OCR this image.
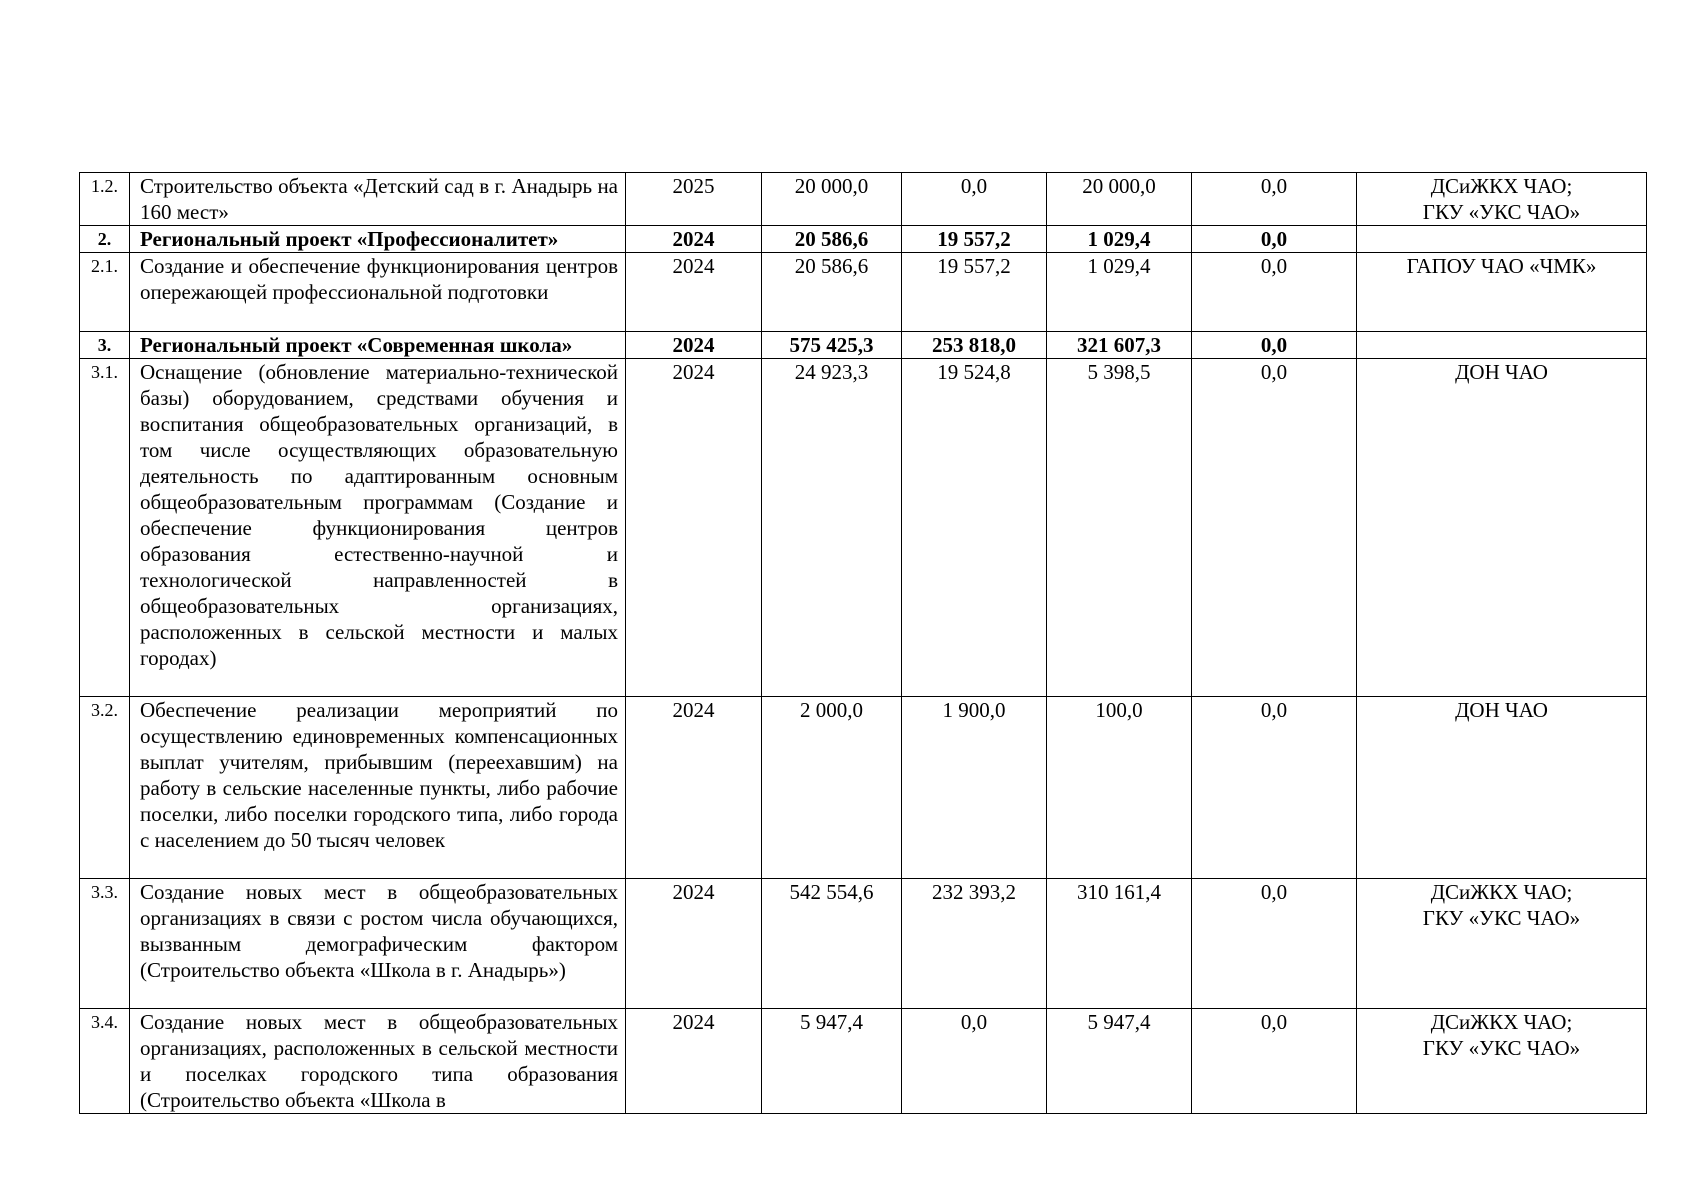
1.2.	Строительство объекта «Детский сад в г. Анадырь на 160 мест»	2025	20 000,0	0,0	20 000,0	0,0	ДСиЖКХ ЧАО;
ГКУ «УКС ЧАО»

2.	Региональный проект «Профессионалитет»	2024	20 586,6	19 557,2	1 029,4	0,0	

2.1.	Создание и обеспечение функционирования центров опережающей профессиональной подготовки	2024	20 586,6	19 557,2	1 029,4	0,0	ГАПОУ ЧАО «ЧМК»

3.	Региональный проект «Современная школа»	2024	575 425,3	253 818,0	321 607,3	0,0	

3.1.	Оснащение (обновление материально-технической базы) оборудованием, средствами обучения и воспитания общеобразовательных организаций, в том числе осуществляющих образовательную деятельность по адаптированным основным общеобразовательным программам (Создание и обеспечение функционирования центров образования естественно-научной и технологической направленностей в общеобразовательных организациях, расположенных в сельской местности и малых городах)	2024	24 923,3	19 524,8	5 398,5	0,0	ДОН ЧАО

3.2.	Обеспечение реализации мероприятий по осуществлению единовременных компенсационных выплат учителям, прибывшим (переехавшим) на работу в сельские населенные пункты, либо рабочие поселки, либо поселки городского типа, либо города с населением до 50 тысяч человек	2024	2 000,0	1 900,0	100,0	0,0	ДОН ЧАО

3.3.	Создание новых мест в общеобразовательных организациях в связи с ростом числа обучающихся, вызванным демографическим фактором (Строительство объекта «Школа в г. Анадырь»)	2024	542 554,6	232 393,2	310 161,4	0,0	ДСиЖКХ ЧАО;
ГКУ «УКС ЧАО»

3.4.	Создание новых мест в общеобразовательных организациях, расположенных в сельской местности и поселках городского типа образования (Строительство объекта «Школа в	2024	5 947,4	0,0	5 947,4	0,0	ДСиЖКХ ЧАО;
ГКУ «УКС ЧАО»
